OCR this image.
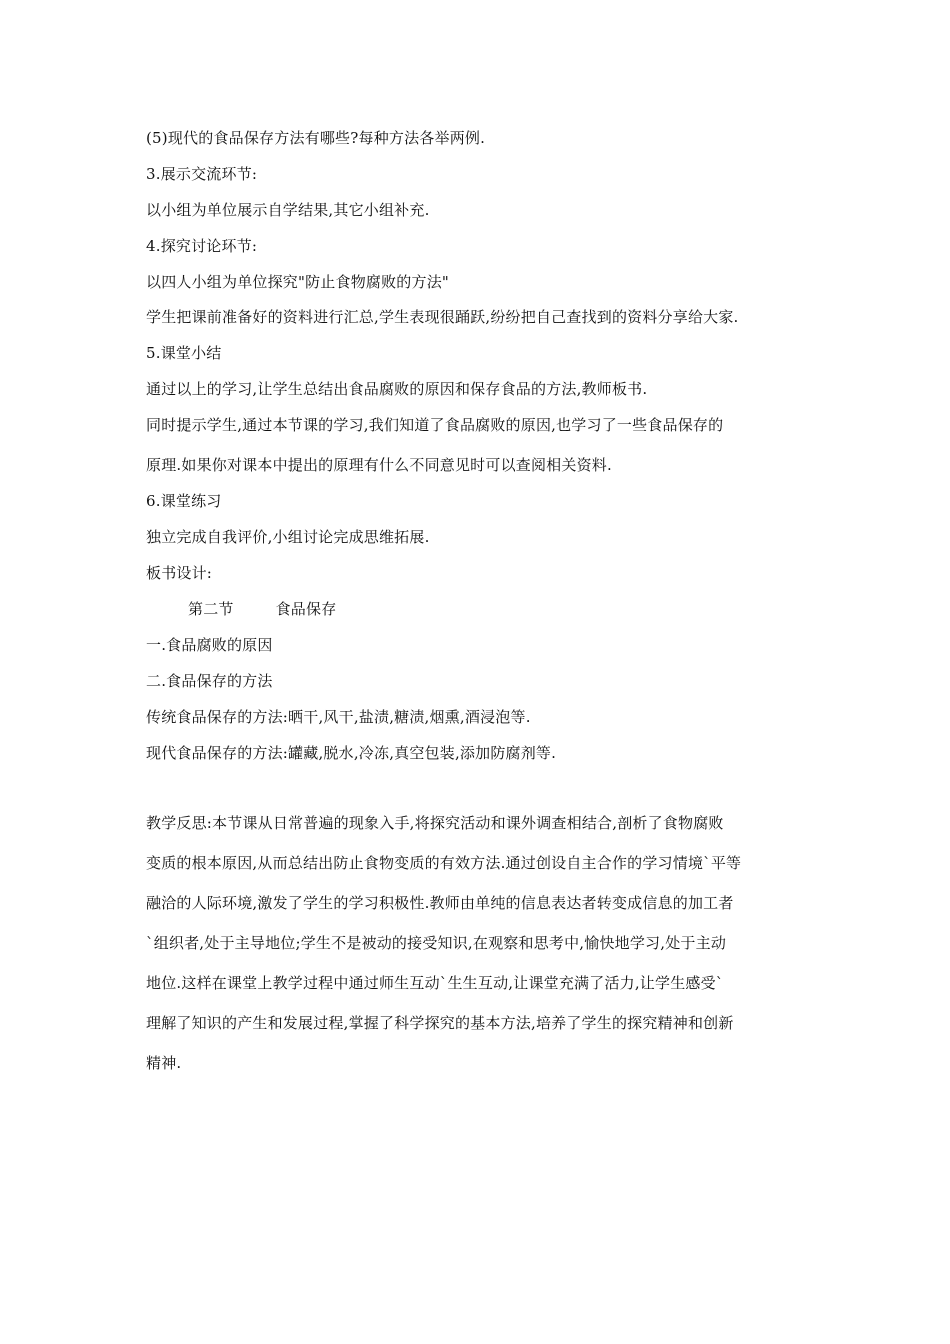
(5)现代的食品保存方法有哪些?每种方法各举两例.

3.展示交流环节:

以小组为单位展示自学结果,其它小组补充.

4.探究讨论环节:

以四人小组为单位探究"防止食物腐败的方法"

学生把课前准备好的资料进行汇总,学生表现很踊跃,纷纷把自己查找到的资料分享给大家.

5.课堂小结

通过以上的学习,让学生总结出食品腐败的原因和保存食品的方法,教师板书.

同时提示学生,通过本节课的学习,我们知道了食品腐败的原因,也学习了一些食品保存的

原理.如果你对课本中提出的原理有什么不同意见时可以查阅相关资料.

6.课堂练习

独立完成自我评价,小组讨论完成思维拓展.

板书设计:

第二节	食品保存

一.食品腐败的原因

二.食品保存的方法

传统食品保存的方法:晒干,风干,盐渍,糖渍,烟熏,酒浸泡等.

现代食品保存的方法:罐藏,脱水,冷冻,真空包装,添加防腐剂等.

教学反思:本节课从日常普遍的现象入手,将探究活动和课外调查相结合,剖析了食物腐败

变质的根本原因,从而总结出防止食物变质的有效方法.通过创设自主合作的学习情境`平等

融洽的人际环境,激发了学生的学习积极性.教师由单纯的信息表达者转变成信息的加工者

`组织者,处于主导地位;学生不是被动的接受知识,在观察和思考中,愉快地学习,处于主动

地位.这样在课堂上教学过程中通过师生互动`生生互动,让课堂充满了活力,让学生感受`

理解了知识的产生和发展过程,掌握了科学探究的基本方法,培养了学生的探究精神和创新

精神.
